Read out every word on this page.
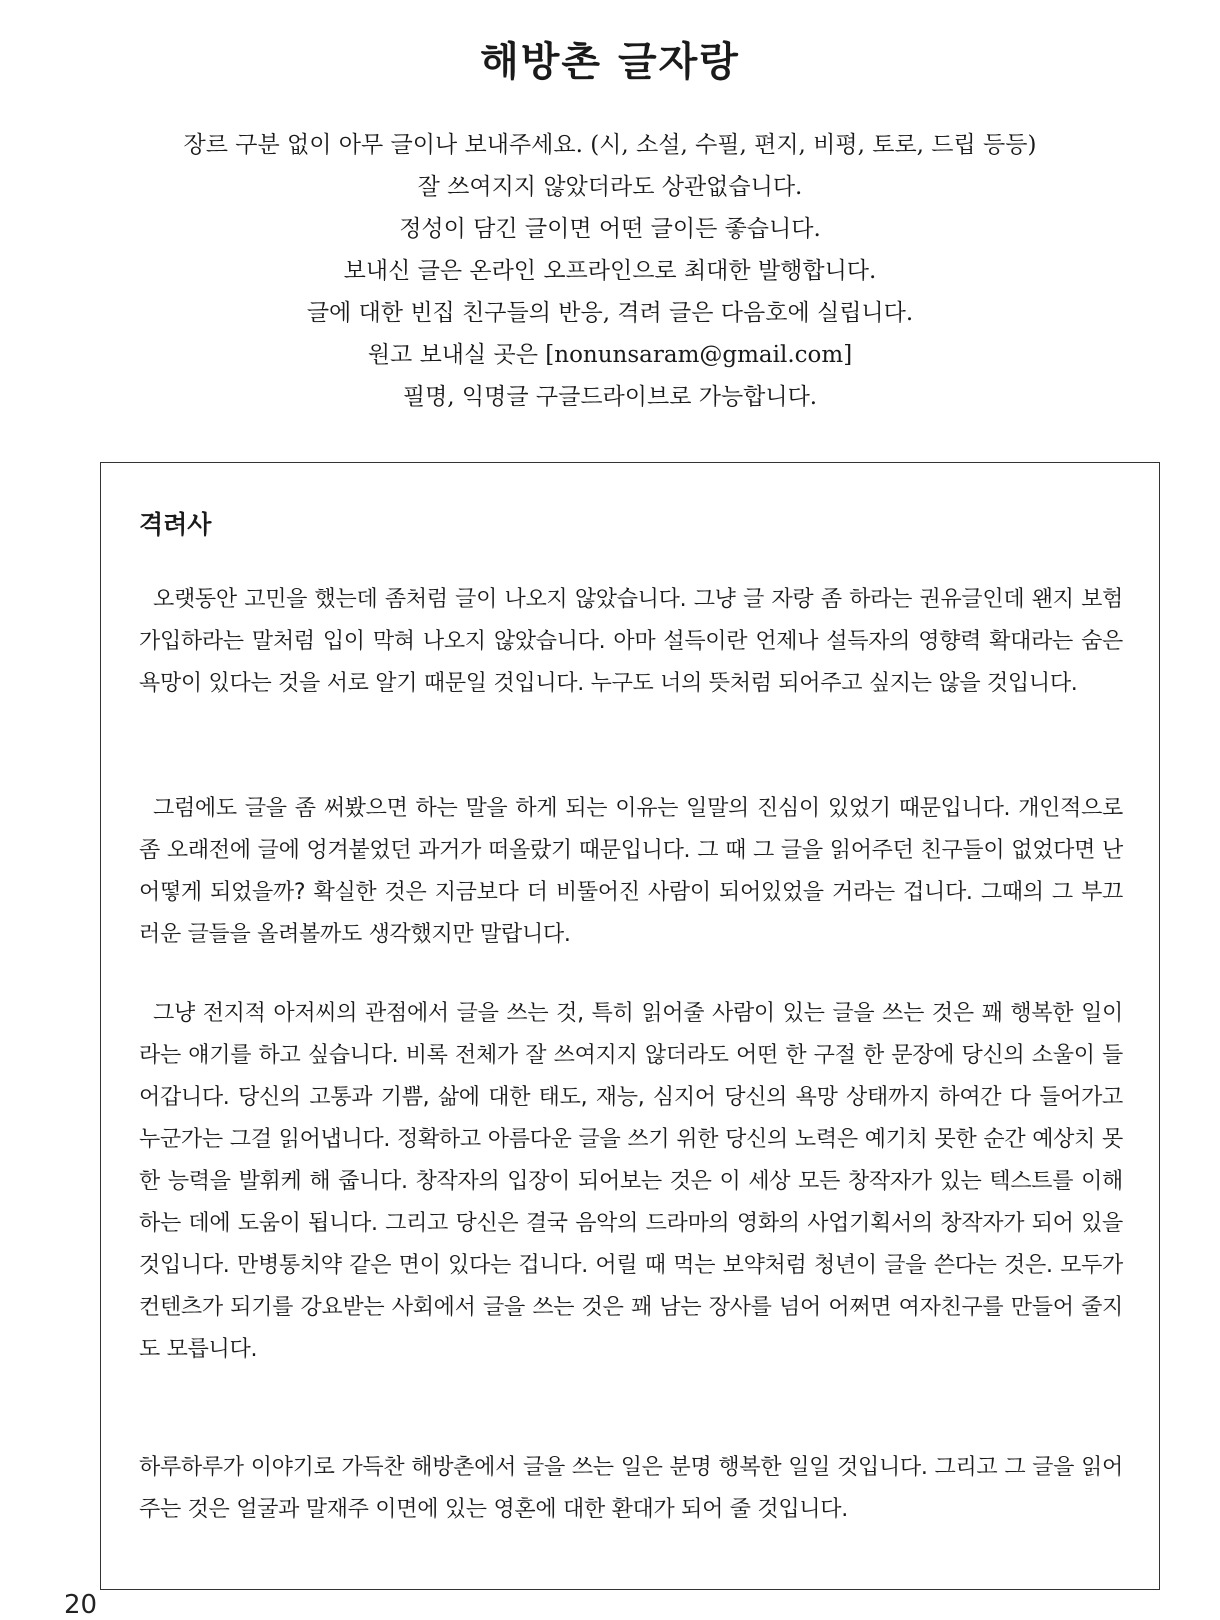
해방촌 글자랑
장르 구분 없이 아무 글이나 보내주세요. (시, 소설, 수필, 편지, 비평, 토로, 드립 등등)
잘 쓰여지지 않았더라도 상관없습니다.
정성이 담긴 글이면 어떤 글이든 좋습니다.
보내신 글은 온라인 오프라인으로 최대한 발행합니다.
글에 대한 빈집 친구들의 반응, 격려 글은 다음호에 실립니다.
원고 보내실 곳은 [nonunsaram@gmail.com]
필명, 익명글 구글드라이브로 가능합니다.
격려사

오랫동안 고민을 했는데 좀처럼 글이 나오지 않았습니다. 그냥 글 자랑 좀 하라는 권유글인데 왠지 보험가입하라는 말처럼 입이 막혀 나오지 않았습니다. 아마 설득이란 언제나 설득자의 영향력 확대라는 숨은 욕망이 있다는 것을 서로 알기 때문일 것입니다. 누구도 너의 뜻처럼 되어주고 싶지는 않을 것입니다.

그럼에도 글을 좀 써봤으면 하는 말을 하게 되는 이유는 일말의 진심이 있었기 때문입니다. 개인적으로 좀 오래전에 글에 엉겨붙었던 과거가 떠올랐기 때문입니다. 그 때 그 글을 읽어주던 친구들이 없었다면 난 어떻게 되었을까? 확실한 것은 지금보다 더 비뚤어진 사람이 되어있었을 거라는 겁니다. 그때의 그 부끄러운 글들을 올려볼까도 생각했지만 말랍니다.

그냥 전지적 아저씨의 관점에서 글을 쓰는 것, 특히 읽어줄 사람이 있는 글을 쓰는 것은 꽤 행복한 일이라는 얘기를 하고 싶습니다. 비록 전체가 잘 쓰여지지 않더라도 어떤 한 구절 한 문장에 당신의 소울이 들어갑니다. 당신의 고통과 기쁨, 삶에 대한 태도, 재능, 심지어 당신의 욕망 상태까지 하여간 다 들어가고 누군가는 그걸 읽어냅니다. 정확하고 아름다운 글을 쓰기 위한 당신의 노력은 예기치 못한 순간 예상치 못한 능력을 발휘케 해 줍니다. 창작자의 입장이 되어보는 것은 이 세상 모든 창작자가 있는 텍스트를 이해하는 데에 도움이 됩니다. 그리고 당신은 결국 음악의 드라마의 영화의 사업기획서의 창작자가 되어 있을 것입니다. 만병통치약 같은 면이 있다는 겁니다. 어릴 때 먹는 보약처럼 청년이 글을 쓴다는 것은. 모두가 컨텐츠가 되기를 강요받는 사회에서 글을 쓰는 것은 꽤 남는 장사를 넘어 어쩌면 여자친구를 만들어 줄지도 모릅니다.

하루하루가 이야기로 가득찬 해방촌에서 글을 쓰는 일은 분명 행복한 일일 것입니다. 그리고 그 글을 읽어주는 것은 얼굴과 말재주 이면에 있는 영혼에 대한 환대가 되어 줄 것입니다.

20
